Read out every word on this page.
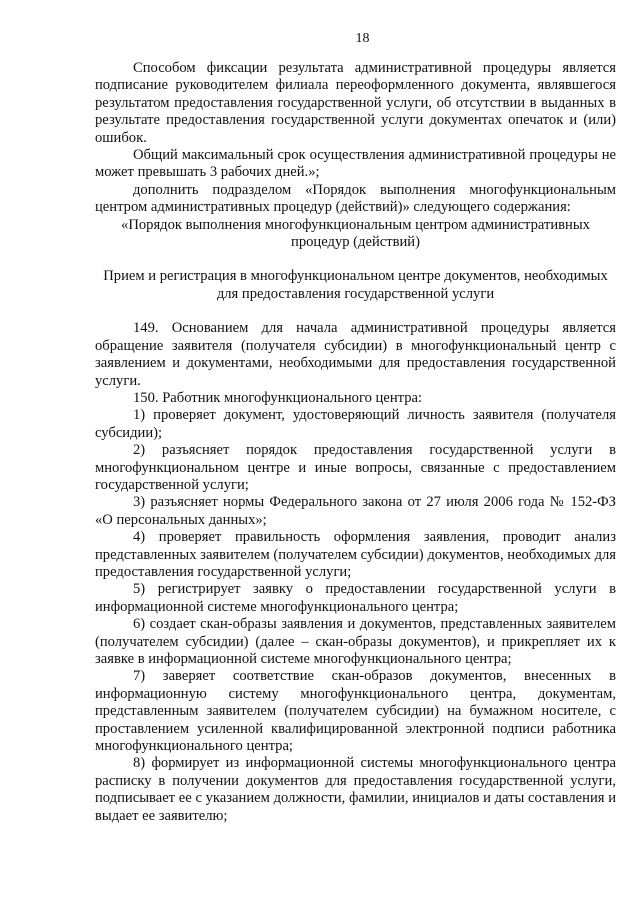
18

Способом фиксации результата административной процедуры является подписание руководителем филиала переоформленного документа, являвшегося результатом предоставления государственной услуги, об отсутствии в выданных в результате предоставления государственной услуги документах опечаток и (или) ошибок.

Общий максимальный срок осуществления административной процедуры не может превышать 3 рабочих дней.»;

дополнить подразделом «Порядок выполнения многофункциональным центром административных процедур (действий)» следующего содержания:

«Порядок выполнения многофункциональным центром административных процедур (действий)
Прием и регистрация в многофункциональном центре документов, необходимых для предоставления государственной услуги

149. Основанием для начала административной процедуры является обращение заявителя (получателя субсидии) в многофункциональный центр с заявлением и документами, необходимыми для предоставления государственной услуги.

150. Работник многофункционального центра:

1) проверяет документ, удостоверяющий личность заявителя (получателя субсидии);

2) разъясняет порядок предоставления государственной услуги в многофункциональном центре и иные вопросы, связанные с предоставлением государственной услуги;

3) разъясняет нормы Федерального закона от 27 июля 2006 года № 152-ФЗ «О персональных данных»;

4) проверяет правильность оформления заявления, проводит анализ представленных заявителем (получателем субсидии) документов, необходимых для предоставления государственной услуги;

5) регистрирует заявку о предоставлении государственной услуги в информационной системе многофункционального центра;

6) создает скан-образы заявления и документов, представленных заявителем (получателем субсидии) (далее – скан-образы документов), и прикрепляет их к заявке в информационной системе многофункционального центра;

7) заверяет соответствие скан-образов документов, внесенных в информационную систему многофункционального центра, документам, представленным заявителем (получателем субсидии) на бумажном носителе, с проставлением усиленной квалифицированной электронной подписи работника многофункционального центра;

8) формирует из информационной системы многофункционального центра расписку в получении документов для предоставления государственной услуги, подписывает ее с указанием должности, фамилии, инициалов и даты составления и выдает ее заявителю;
